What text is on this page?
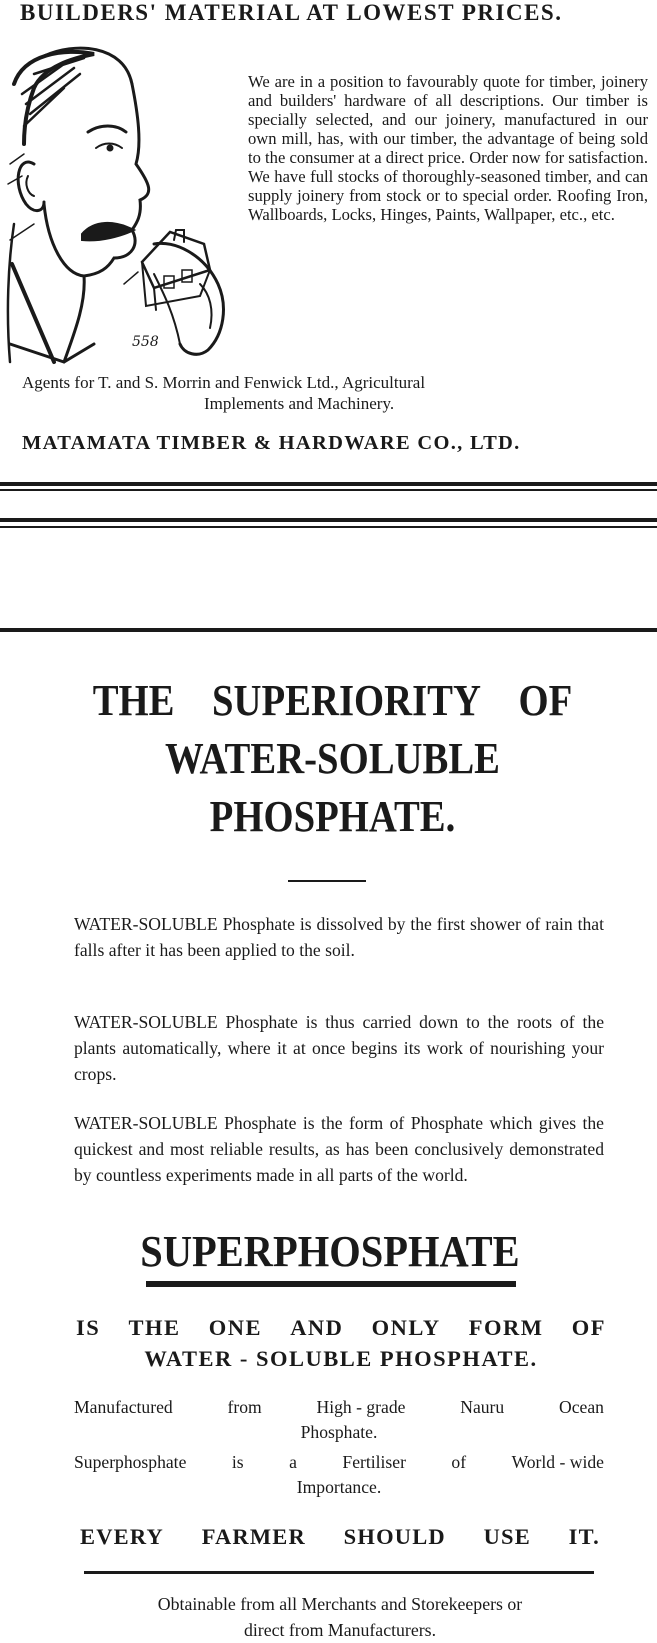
BUILDERS' MATERIAL AT LOWEST PRICES.
558

We are in a position to favourably quote for timber, joinery and builders' hardware of all descriptions. Our timber is specially selected, and our joinery, manufactured in our own mill, has, with our timber, the advantage of being sold to the consumer at a direct price. Order now for satisfaction. We have full stocks of thoroughly-seasoned timber, and can supply joinery from stock or to special order. Roofing Iron, Wallboards, Locks, Hinges, Paints, Wallpaper, etc., etc.

Agents for T. and S. Morrin and Fenwick Ltd., Agricultural
Implements and Machinery.
MATAMATA TIMBER & HARDWARE CO., LTD.
THE SUPERIORITY OF
WATER-SOLUBLE
PHOSPHATE.

WATER-SOLUBLE Phosphate is dissolved by the first shower of rain that falls after it has been applied to the soil.

WATER-SOLUBLE Phosphate is thus carried down to the roots of the plants automatically, where it at once begins its work of nourishing your crops.

WATER-SOLUBLE Phosphate is the form of Phosphate which gives the quickest and most reliable results, as has been conclusively demonstrated by countless experiments made in all parts of the world.

SUPERPHOSPHATE
IS THE ONE AND ONLY FORM OF
WATER - SOLUBLE PHOSPHATE.
Manufactured	from	High - grade	Nauru	Ocean
Phosphate.
Superphosphate	is	a	Fertiliser	of	World - wide
Importance.
EVERY FARMER SHOULD USE IT.
Obtainable from all Merchants and Storekeepers or
direct from Manufacturers.
